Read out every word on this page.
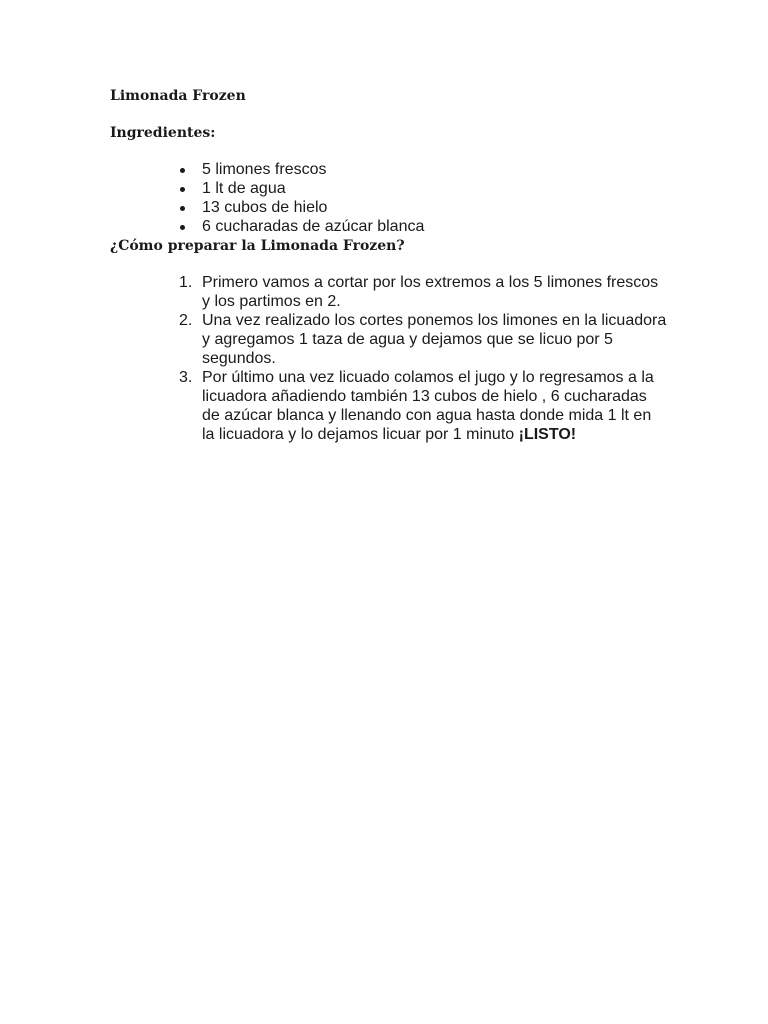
Limonada Frozen

Ingredientes:

5 limones frescos
1 lt de agua
13 cubos de hielo
6 cucharadas de azúcar blanca

¿Cómo preparar la Limonada Frozen?

1. Primero vamos a cortar por los extremos a los 5 limones frescos y los partimos en 2.
2. Una vez realizado los cortes ponemos los limones en la licuadora y agregamos 1 taza de agua y dejamos que se licuo por 5 segundos.
3. Por último una vez licuado colamos el jugo y lo regresamos a la licuadora añadiendo también 13 cubos de hielo , 6 cucharadas de azúcar blanca y llenando con agua hasta donde mida 1 lt en la licuadora y lo dejamos licuar por 1 minuto ¡LISTO!
